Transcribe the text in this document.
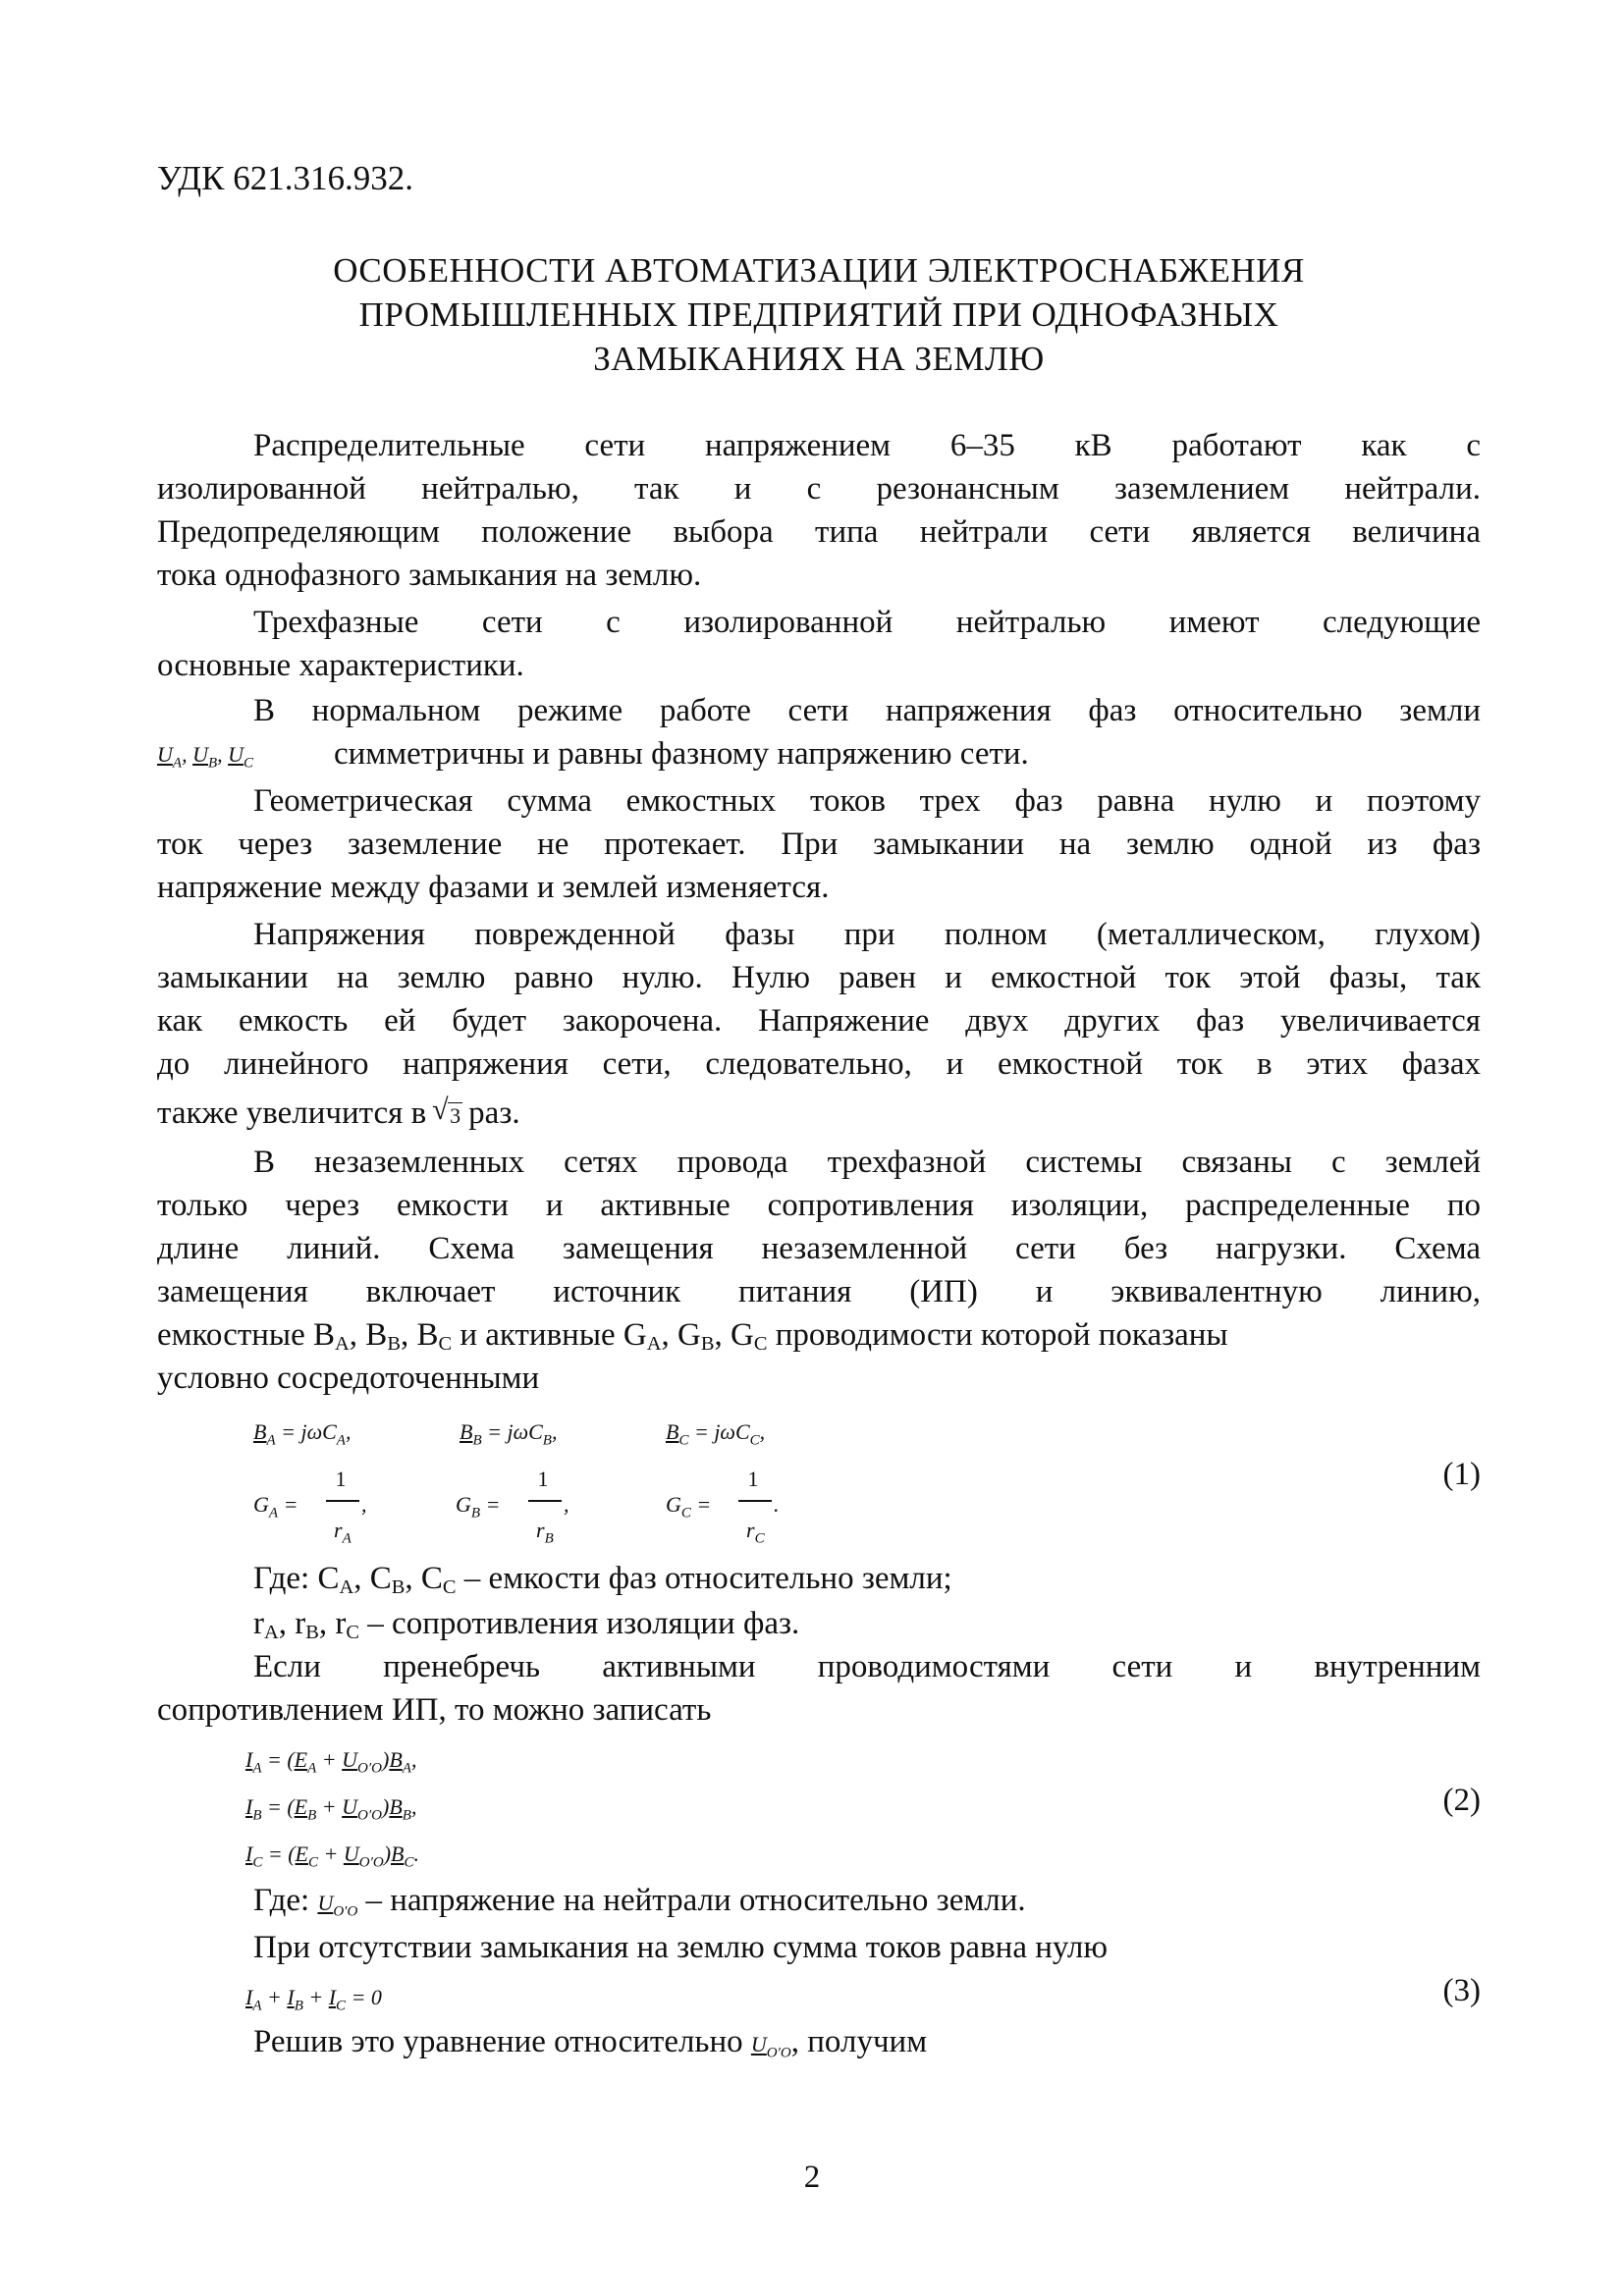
УДК 621.316.932.
ОСОБЕННОСТИ АВТОМАТИЗАЦИИ ЭЛЕКТРОСНАБЖЕНИЯ
ПРОМЫШЛЕННЫХ ПРЕДПРИЯТИЙ ПРИ ОДНОФАЗНЫХ
ЗАМЫКАНИЯХ НА ЗЕМЛЮ
Распределительные сети напряжением 6–35 кВ работают как с
изолированной нейтралью, так и с резонансным заземлением нейтрали.
Предопределяющим положение выбора типа нейтрали сети является величина
тока однофазного замыкания на землю.
Трехфазные сети с изолированной нейтралью имеют следующие
основные характеристики.
В нормальном режиме работе сети напряжения фаз относительно земли
$U_A$, $U_B$, $U_C$ симметричны и равны фазному напряжению сети.
Геометрическая сумма емкостных токов трех фаз равна нулю и поэтому
ток через заземление не протекает. При замыкании на землю одной из фаз
напряжение между фазами и землей изменяется.
Напряжения поврежденной фазы при полном (металлическом, глухом)
замыкании на землю равно нулю. Нулю равен и емкостной ток этой фазы, так
как емкость ей будет закорочена. Напряжение двух других фаз увеличивается
до линейного напряжения сети, следовательно, и емкостной ток в этих фазах
также увеличится в √ 3 раз.
В незаземленных сетях провода трехфазной системы связаны с землей
только через емкости и активные сопротивления изоляции, распределенные по
длине линий. Схема замещения незаземленной сети без нагрузки. Схема
замещения включает источник питания (ИП) и эквивалентную линию,
емкостные $B_A$, $B_B$, $B_C$ и активные $G_A$, $G_B$, $G_C$ проводимости которой показаны
условно сосредоточенными
$B_A = j\omega C_A$,	$B_B = j\omega C_B$,	$B_C = j\omega C_C$,
$G_A$ =
1
$r_A$
,	$G_B$ =
1
$r_B$
,	$G_C$ =
1
$r_C$
.
(1)
Где: $C_A$, $C_B$, $C_C$ – емкости фаз относительно земли;
$r_A$, $r_B$, $r_C$ – сопротивления изоляции фаз.
Если пренебречь активными проводимостями сети и внутренним
сопротивлением ИП, то можно записать
$I_A = (E_A + U_{O'O})B_A$,
$I_B = (E_B + U_{O'O})B_B$,
$I_C = (E_C + U_{O'O})B_C$.
(2)
Где: $U_{O'O}$ – напряжение на нейтрали относительно земли.
При отсутствии замыкания на землю сумма токов равна нулю
$I_A + I_B + I_C = 0$	(3)
Решив это уравнение относительно $U_{O'O}$, получим
2
